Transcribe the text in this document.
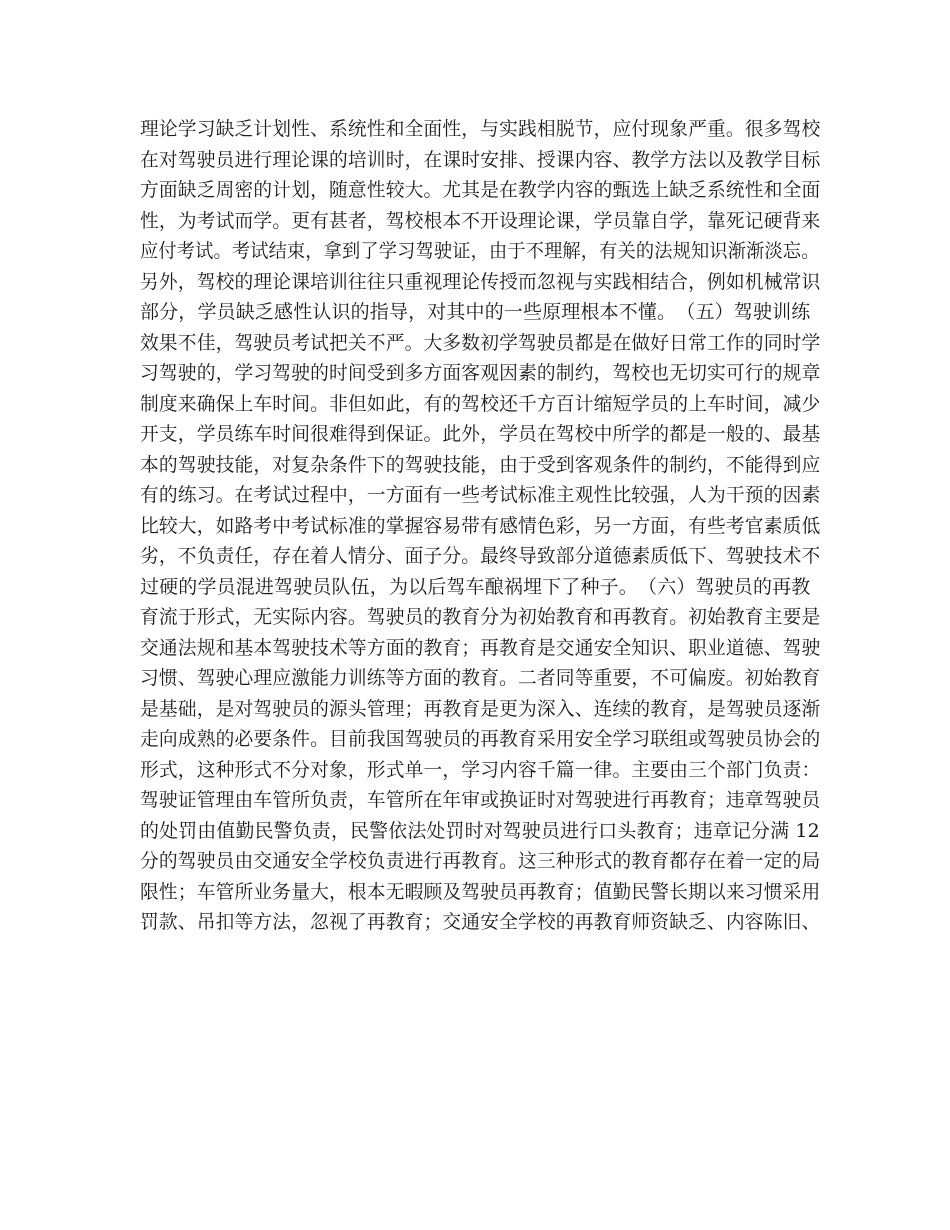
理论学习缺乏计划性、系统性和全面性，与实践相脱节，应付现象严重。很多驾校
在对驾驶员进行理论课的培训时，在课时安排、授课内容、教学方法以及教学目标
方面缺乏周密的计划，随意性较大。尤其是在教学内容的甄选上缺乏系统性和全面
性，为考试而学。更有甚者，驾校根本不开设理论课，学员靠自学，靠死记硬背来
应付考试。考试结束，拿到了学习驾驶证，由于不理解，有关的法规知识渐渐淡忘。
另外，驾校的理论课培训往往只重视理论传授而忽视与实践相结合，例如机械常识
部分，学员缺乏感性认识的指导，对其中的一些原理根本不懂。　（五）驾驶训练
效果不佳，驾驶员考试把关不严。大多数初学驾驶员都是在做好日常工作的同时学
习驾驶的，学习驾驶的时间受到多方面客观因素的制约，驾校也无切实可行的规章
制度来确保上车时间。非但如此，有的驾校还千方百计缩短学员的上车时间，减少
开支，学员练车时间很难得到保证。此外，学员在驾校中所学的都是一般的、最基
本的驾驶技能，对复杂条件下的驾驶技能，由于受到客观条件的制约，不能得到应
有的练习。在考试过程中，一方面有一些考试标准主观性比较强，人为干预的因素
比较大，如路考中考试标准的掌握容易带有感情色彩，另一方面，有些考官素质低
劣，不负责任，存在着人情分、面子分。最终导致部分道德素质低下、驾驶技术不
过硬的学员混进驾驶员队伍，为以后驾车酿祸埋下了种子。　（六）驾驶员的再教
育流于形式，无实际内容。驾驶员的教育分为初始教育和再教育。初始教育主要是
交通法规和基本驾驶技术等方面的教育；再教育是交通安全知识、职业道德、驾驶
习惯、驾驶心理应激能力训练等方面的教育。二者同等重要，不可偏废。初始教育
是基础，是对驾驶员的源头管理；再教育是更为深入、连续的教育，是驾驶员逐渐
走向成熟的必要条件。目前我国驾驶员的再教育采用安全学习联组或驾驶员协会的
形式，这种形式不分对象，形式单一，学习内容千篇一律。主要由三个部门负责：
驾驶证管理由车管所负责，车管所在年审或换证时对驾驶进行再教育；违章驾驶员
的处罚由值勤民警负责，民警依法处罚时对驾驶员进行口头教育；违章记分满 12
分的驾驶员由交通安全学校负责进行再教育。这三种形式的教育都存在着一定的局
限性；车管所业务量大，根本无暇顾及驾驶员再教育；值勤民警长期以来习惯采用
罚款、吊扣等方法，忽视了再教育；交通安全学校的再教育师资缺乏、内容陈旧、
